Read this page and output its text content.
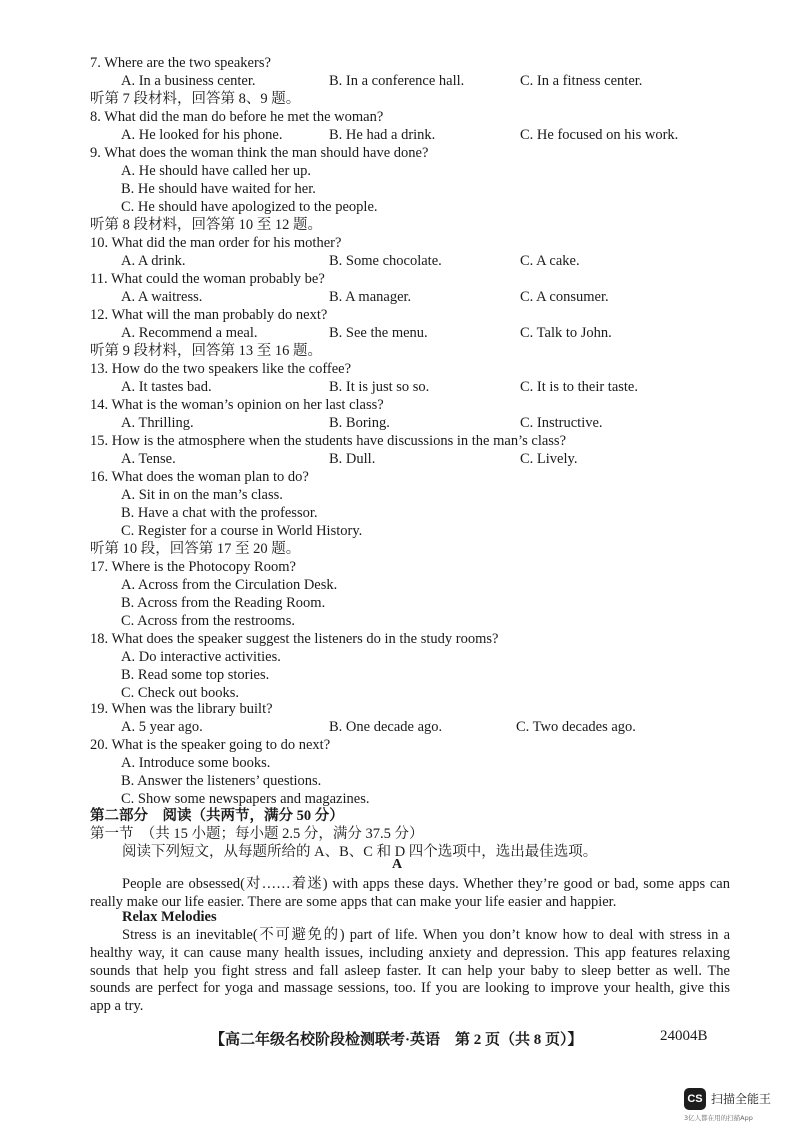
7. Where are the two speakers?
A. In a business center.	B. In a conference hall.	C. In a fitness center.
听第 7 段材料，回答第 8、9 题。
8. What did the man do before he met the woman?
A. He looked for his phone.	B. He had a drink.	C. He focused on his work.
9. What does the woman think the man should have done?
A. He should have called her up.
B. He should have waited for her.
C. He should have apologized to the people.
听第 8 段材料，回答第 10 至 12 题。
10. What did the man order for his mother?
A. A drink.	B. Some chocolate.	C. A cake.
11. What could the woman probably be?
A. A waitress.	B. A manager.	C. A consumer.
12. What will the man probably do next?
A. Recommend a meal.	B. See the menu.	C. Talk to John.
听第 9 段材料，回答第 13 至 16 题。
13. How do the two speakers like the coffee?
A. It tastes bad.	B. It is just so so.	C. It is to their taste.
14. What is the woman’s opinion on her last class?
A. Thrilling.	B. Boring.	C. Instructive.
15. How is the atmosphere when the students have discussions in the man’s class?
A. Tense.	B. Dull.	C. Lively.
16. What does the woman plan to do?
A. Sit in on the man’s class.
B. Have a chat with the professor.
C. Register for a course in World History.
听第 10 段，回答第 17 至 20 题。
17. Where is the Photocopy Room?
A. Across from the Circulation Desk.
B. Across from the Reading Room.
C. Across from the restrooms.
18. What does the speaker suggest the listeners do in the study rooms?
A. Do interactive activities.
B. Read some top stories.
C. Check out books.
19. When was the library built?
A. 5 year ago.	B. One decade ago.	C. Two decades ago.
20. What is the speaker going to do next?
A. Introduce some books.
B. Answer the listeners’ questions.
C. Show some newspapers and magazines.
第二部分　阅读（共两节，满分 50 分）
第一节　（共 15 小题；每小题 2.5 分，满分 37.5 分）
阅读下列短文，从每题所给的 A、B、C 和 D 四个选项中，选出最佳选项。
A
People are obsessed(对……着迷) with apps these days. Whether they’re good or bad, some apps can really make our life easier. There are some apps that can make your life easier and happier.
Relax Melodies
Stress is an inevitable(不可避免的) part of life. When you don’t know how to deal with stress in a healthy way, it can cause many health issues, including anxiety and depression. This app features relaxing sounds that help you fight stress and fall asleep faster. It can help your baby to sleep better as well. The sounds are perfect for yoga and massage sessions, too. If you are looking to improve your health, give this app a try.
【高二年级名校阶段检测联考·英语　第 2 页（共 8 页）】	24004B
CS 扫描全能王
3亿人都在用的扫描App
